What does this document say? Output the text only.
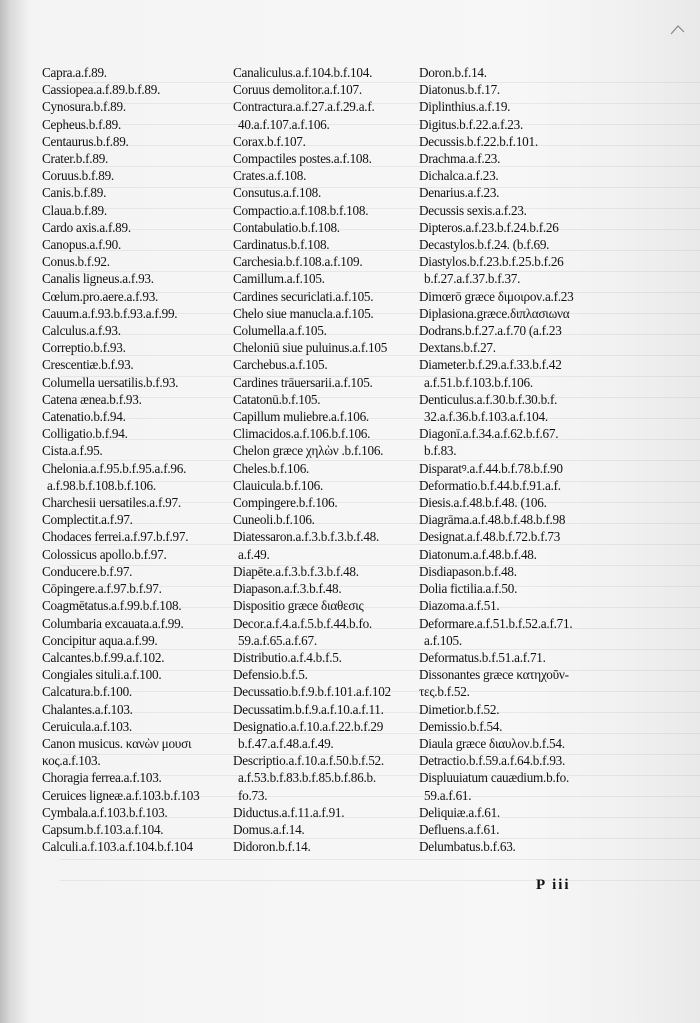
Capra.a.f.89.
Cassiopea.a.f.89.b.f.89.
Cynosura.b.f.89.
Cepheus.b.f.89.
Centaurus.b.f.89.
Crater.b.f.89.
Coruus.b.f.89.
Canis.b.f.89.
Claua.b.f.89.
Cardo axis.a.f.89.
Canopus.a.f.90.
Conus.b.f.92.
Canalis ligneus.a.f.93.
Cœlum.pro.aere.a.f.93.
Cauum.a.f.93.b.f.93.a.f.99.
Calculus.a.f.93.
Correptio.b.f.93.
Crescentiæ.b.f.93.
Columella uersatilis.b.f.93.
Catena ænea.b.f.93.
Catenatio.b.f.94.
Colligatio.b.f.94.
Cista.a.f.95.
Chelonia.a.f.95.b.f.95.a.f.96.
a.f.98.b.f.108.b.f.106.
Charchesii uersatiles.a.f.97.
Complectit.a.f.97.
Chodaces ferrei.a.f.97.b.f.97.
Colossicus apollo.b.f.97.
Conducere.b.f.97.
Cōpingere.a.f.97.b.f.97.
Coagmētatus.a.f.99.b.f.108.
Columbaria excauata.a.f.99.
Concipitur aqua.a.f.99.
Calcantes.b.f.99.a.f.102.
Congiales situli.a.f.100.
Calcatura.b.f.100.
Chalantes.a.f.103.
Ceruicula.a.f.103.
Canon musicus. κανὼν μουσι
κος.a.f.103.
Choragia ferrea.a.f.103.
Ceruices ligneæ.a.f.103.b.f.103
Cymbala.a.f.103.b.f.103.
Capsum.b.f.103.a.f.104.
Calculi.a.f.103.a.f.104.b.f.104
Canaliculus.a.f.104.b.f.104.
Coruus demolitor.a.f.107.
Contractura.a.f.27.a.f.29.a.f.
40.a.f.107.a.f.106.
Corax.b.f.107.
Compactiles postes.a.f.108.
Crates.a.f.108.
Consutus.a.f.108.
Compactio.a.f.108.b.f.108.
Contabulatio.b.f.108.
Cardinatus.b.f.108.
Carchesia.b.f.108.a.f.109.
Camillum.a.f.105.
Cardines securiclati.a.f.105.
Chelo siue manucla.a.f.105.
Columella.a.f.105.
Cheloniū siue puluinus.a.f.105
Carchebus.a.f.105.
Cardines trāuersarii.a.f.105.
Catatonū.b.f.105.
Capillum muliebre.a.f.106.
Climacidos.a.f.106.b.f.106.
Chelon græce χηλὼν .b.f.106.
Cheles.b.f.106.
Clauicula.b.f.106.
Compingere.b.f.106.
Cuneoli.b.f.106.
Diatessaron.a.f.3.b.f.3.b.f.48.
a.f.49.
Diapēte.a.f.3.b.f.3.b.f.48.
Diapason.a.f.3.b.f.48.
Dispositio græce διαθεσις
Decor.a.f.4.a.f.5.b.f.44.b.fo.
59.a.f.65.a.f.67.
Distributio.a.f.4.b.f.5.
Defensio.b.f.5.
Decussatio.b.f.9.b.f.101.a.f.102
Decussatim.b.f.9.a.f.10.a.f.11.
Designatio.a.f.10.a.f.22.b.f.29
b.f.47.a.f.48.a.f.49.
Descriptio.a.f.10.a.f.50.b.f.52.
a.f.53.b.f.83.b.f.85.b.f.86.b.
fo.73.
Diductus.a.f.11.a.f.91.
Domus.a.f.14.
Didoron.b.f.14.
Doron.b.f.14.
Diatonus.b.f.17.
Diplinthius.a.f.19.
Digitus.b.f.22.a.f.23.
Decussis.b.f.22.b.f.101.
Drachma.a.f.23.
Dichalca.a.f.23.
Denarius.a.f.23.
Decussis sexis.a.f.23.
Dipteros.a.f.23.b.f.24.b.f.26
Decastylos.b.f.24. (b.f.69.
Diastylos.b.f.23.b.f.25.b.f.26
b.f.27.a.f.37.b.f.37.
Dimœrō græce διμοιρον.a.f.23
Diplasiona.græce.διπλασιωνα
Dodrans.b.f.27.a.f.70 (a.f.23
Dextans.b.f.27.
Diameter.b.f.29.a.f.33.b.f.42
a.f.51.b.f.103.b.f.106.
Denticulus.a.f.30.b.f.30.b.f.
32.a.f.36.b.f.103.a.f.104.
Diagonī.a.f.34.a.f.62.b.f.67.
b.f.83.
Disparatꝰ.a.f.44.b.f.78.b.f.90
Deformatio.b.f.44.b.f.91.a.f.
Diesis.a.f.48.b.f.48. (106.
Diagrāma.a.f.48.b.f.48.b.f.98
Designat.a.f.48.b.f.72.b.f.73
Diatonum.a.f.48.b.f.48.
Disdiapason.b.f.48.
Dolia fictilia.a.f.50.
Diazoma.a.f.51.
Deformare.a.f.51.b.f.52.a.f.71.
a.f.105.
Deformatus.b.f.51.a.f.71.
Dissonantes græce κατηχοῦν-
τες.b.f.52.
Dimetior.b.f.52.
Demissio.b.f.54.
Diaula græce διαυλον.b.f.54.
Detractio.b.f.59.a.f.64.b.f.93.
Displuuiatum cauædium.b.fo.
59.a.f.61.
Deliquiæ.a.f.61.
Defluens.a.f.61.
Delumbatus.b.f.63.
P iii
